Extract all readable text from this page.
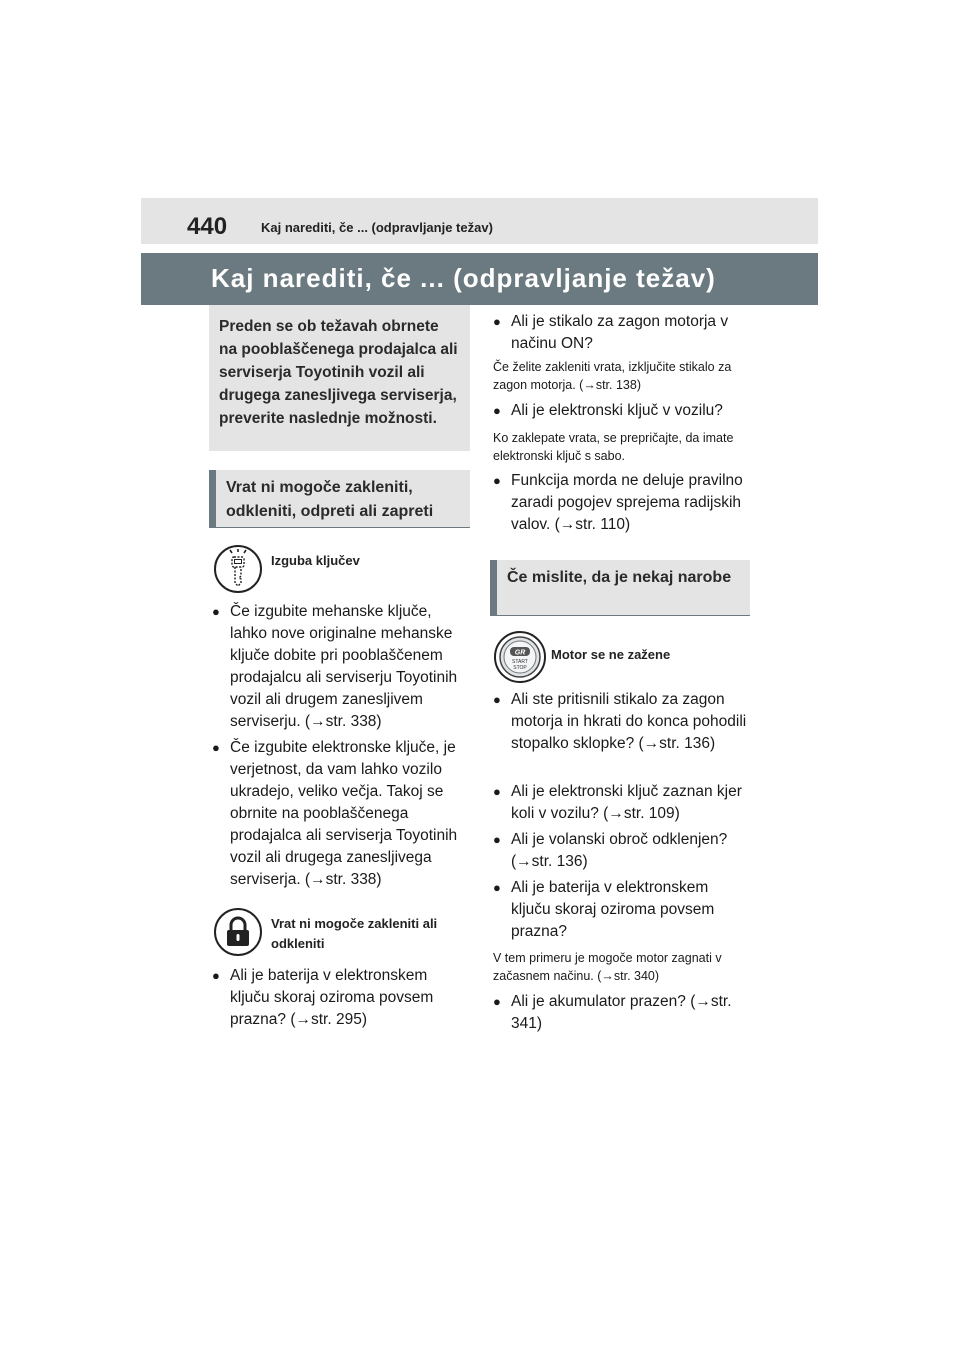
440	Kaj narediti, če ... (odpravljanje težav)
Kaj narediti, če ... (odpravljanje težav)
Preden se ob težavah obrnete na pooblaščenega prodajalca ali serviserja Toyotinih vozil ali drugega zanesljivega serviserja, preverite naslednje možnosti.
Vrat ni mogoče zakleniti, odkleniti, odpreti ali zapreti
Izguba ključev
● Če izgubite mehanske ključe, lahko nove originalne mehanske ključe dobite pri pooblaščenem prodajalcu ali serviserju Toyotinih vozil ali drugem zanesljivem serviserju. (→str. 338)
● Če izgubite elektronske ključe, je verjetnost, da vam lahko vozilo ukradejo, veliko večja. Takoj se obrnite na pooblaščenega prodajalca ali serviserja Toyotinih vozil ali drugega zanesljivega serviserja. (→str. 338)
Vrat ni mogoče zakleniti ali odkleniti
● Ali je baterija v elektronskem ključu skoraj oziroma povsem prazna? (→str. 295)
● Ali je stikalo za zagon motorja v načinu ON?
Če želite zakleniti vrata, izključite stikalo za zagon motorja. (→str. 138)
● Ali je elektronski ključ v vozilu?
Ko zaklepate vrata, se prepričajte, da imate elektronski ključ s sabo.
● Funkcija morda ne deluje pravilno zaradi pogojev sprejema radijskih valov. (→str. 110)
Če mislite, da je nekaj narobe
GR
START
STOP
Motor se ne zažene
● Ali ste pritisnili stikalo za zagon motorja in hkrati do konca pohodili stopalko sklopke? (→str. 136)
● Ali je elektronski ključ zaznan kjer koli v vozilu? (→str. 109)
● Ali je volanski obroč odklenjen? (→str. 136)
● Ali je baterija v elektronskem ključu skoraj oziroma povsem prazna?
V tem primeru je mogoče motor zagnati v začasnem načinu. (→str. 340)
● Ali je akumulator prazen? (→str. 341)
